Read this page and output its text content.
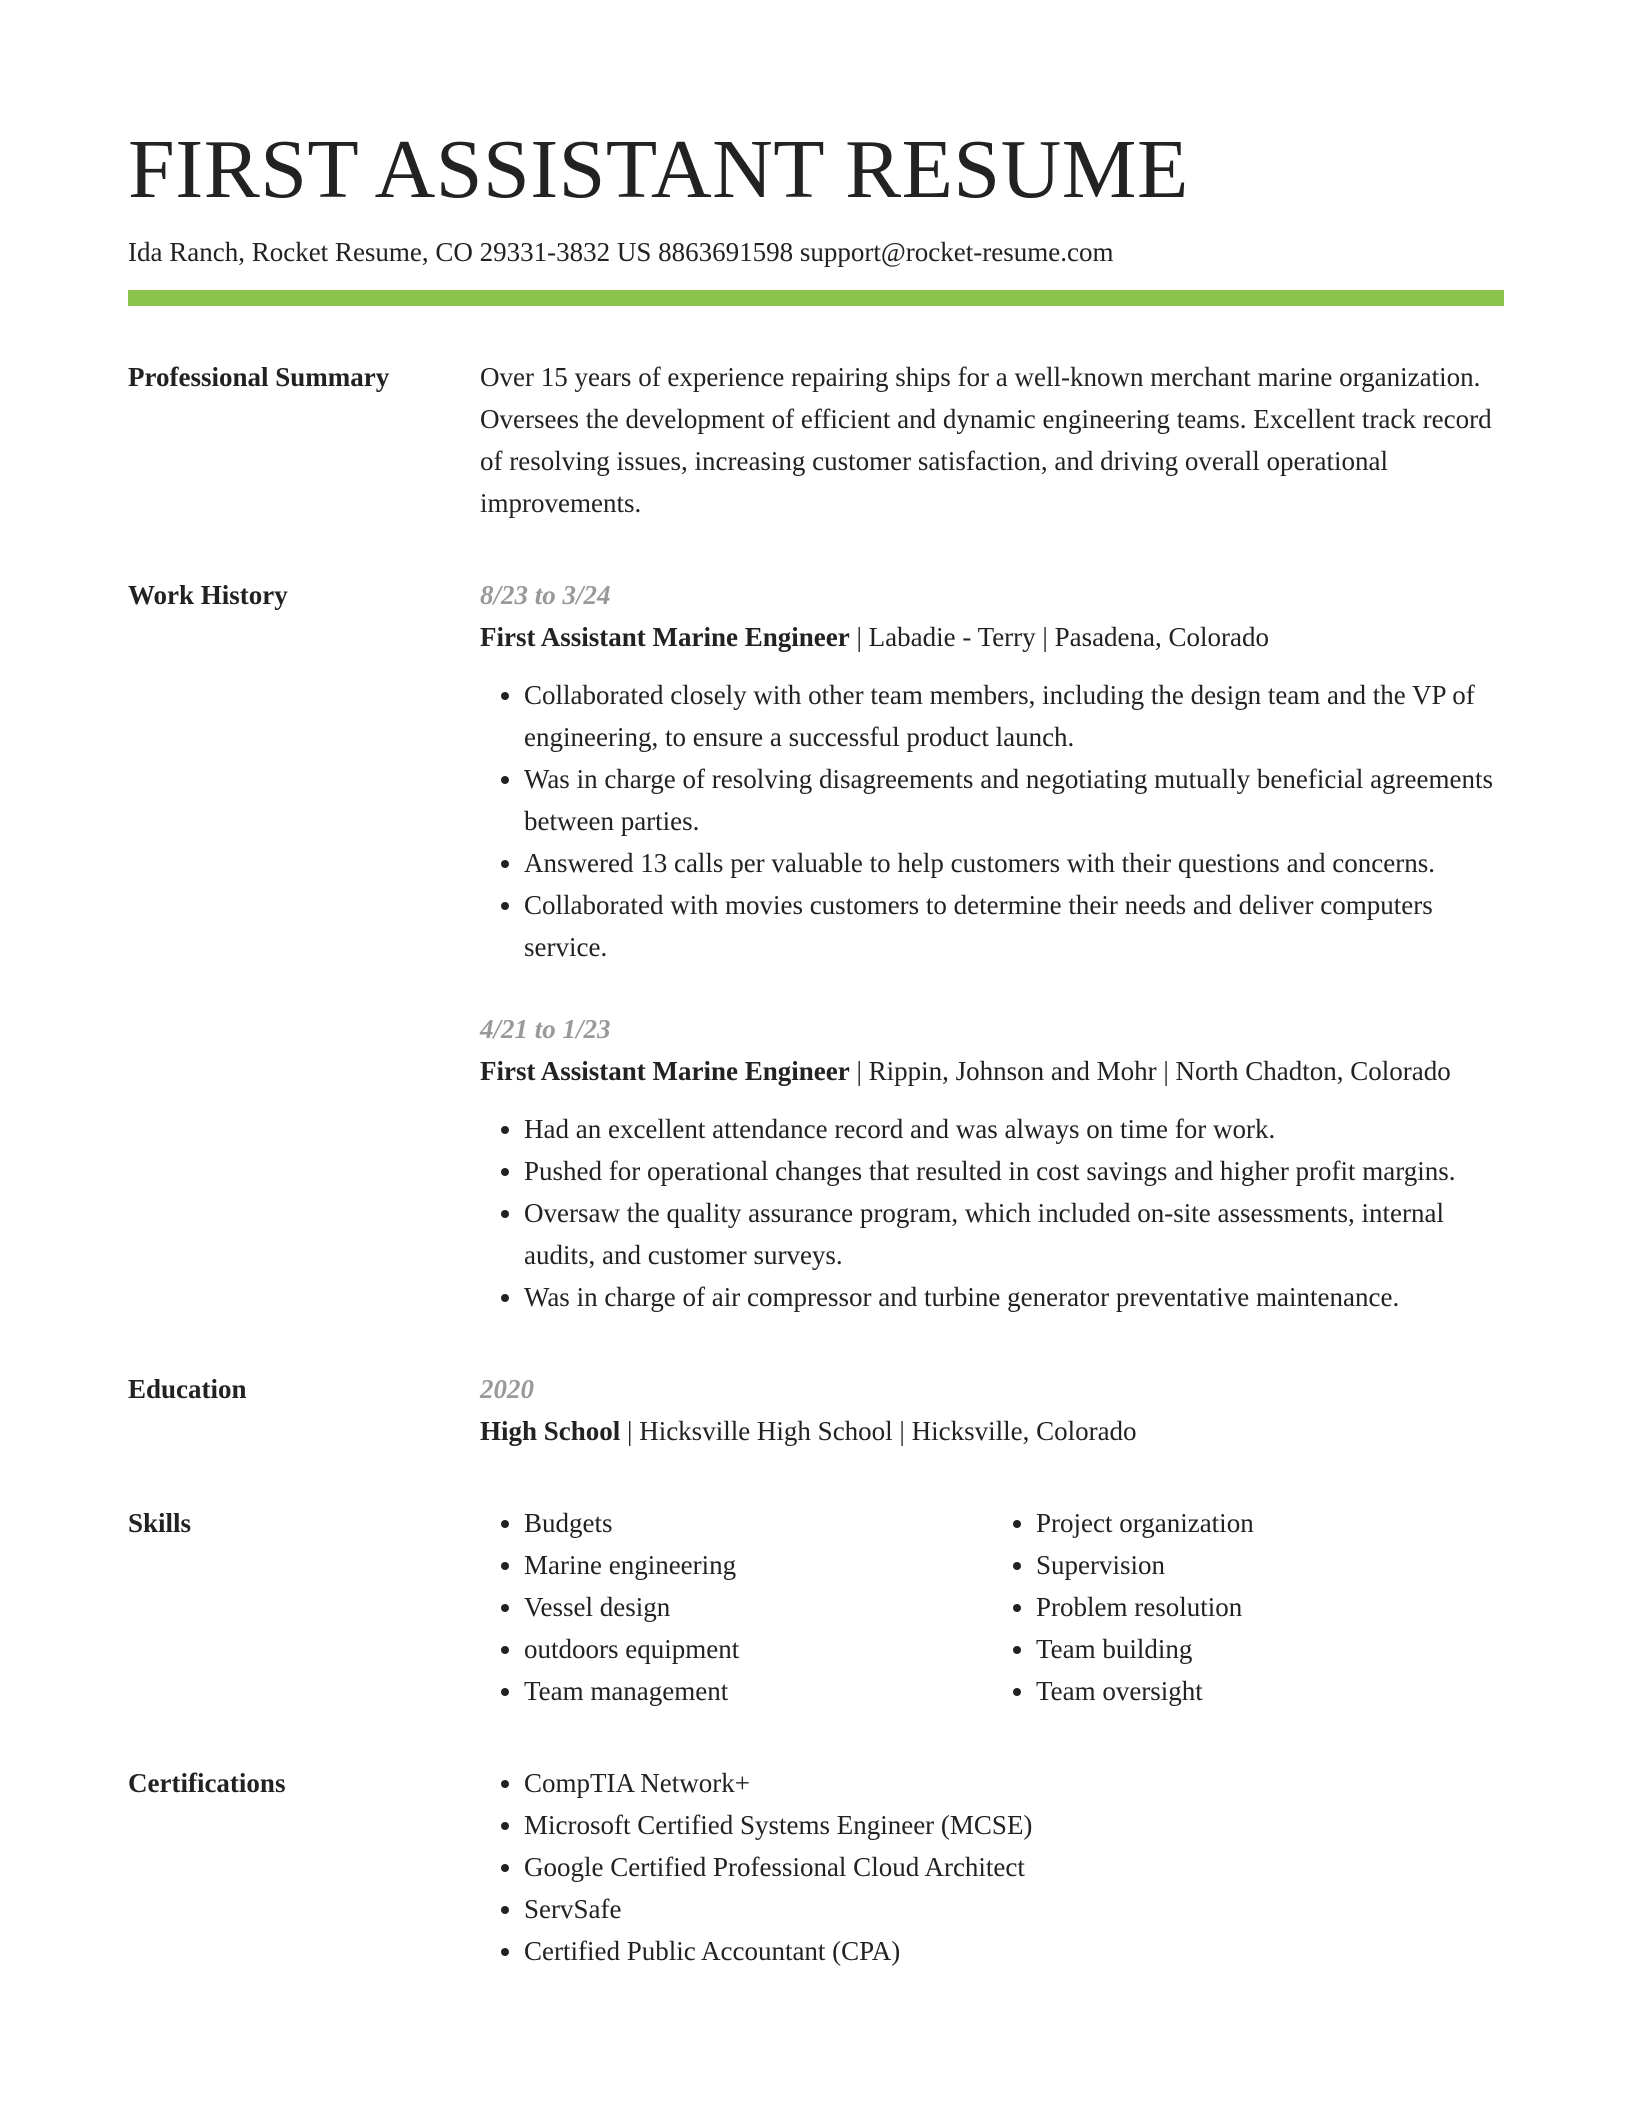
FIRST ASSISTANT RESUME
Ida Ranch, Rocket Resume, CO 29331-3832 US 8863691598 support@rocket-resume.com
Professional Summary	Over 15 years of experience repairing ships for a well-known merchant marine organization. Oversees the development of efficient and dynamic engineering teams. Excellent track record of resolving issues, increasing customer satisfaction, and driving overall operational improvements.

Work History	8/23 to 3/24
First Assistant Marine Engineer | Labadie - Terry | Pasadena, Colorado
• Collaborated closely with other team members, including the design team and the VP of engineering, to ensure a successful product launch.
• Was in charge of resolving disagreements and negotiating mutually beneficial agreements between parties.
• Answered 13 calls per valuable to help customers with their questions and concerns.
• Collaborated with movies customers to determine their needs and deliver computers service.
4/21 to 1/23
First Assistant Marine Engineer | Rippin, Johnson and Mohr | North Chadton, Colorado
• Had an excellent attendance record and was always on time for work.
• Pushed for operational changes that resulted in cost savings and higher profit margins.
• Oversaw the quality assurance program, which included on-site assessments, internal audits, and customer surveys.
• Was in charge of air compressor and turbine generator preventative maintenance.
Education	2020
High School | Hicksville High School | Hicksville, Colorado
Skills	• Budgets
• Marine engineering
• Vessel design
• outdoors equipment
• Team management
• Project organization
• Supervision
• Problem resolution
• Team building
• Team oversight
Certifications	• CompTIA Network+
• Microsoft Certified Systems Engineer (MCSE)
• Google Certified Professional Cloud Architect
• ServSafe
• Certified Public Accountant (CPA)
